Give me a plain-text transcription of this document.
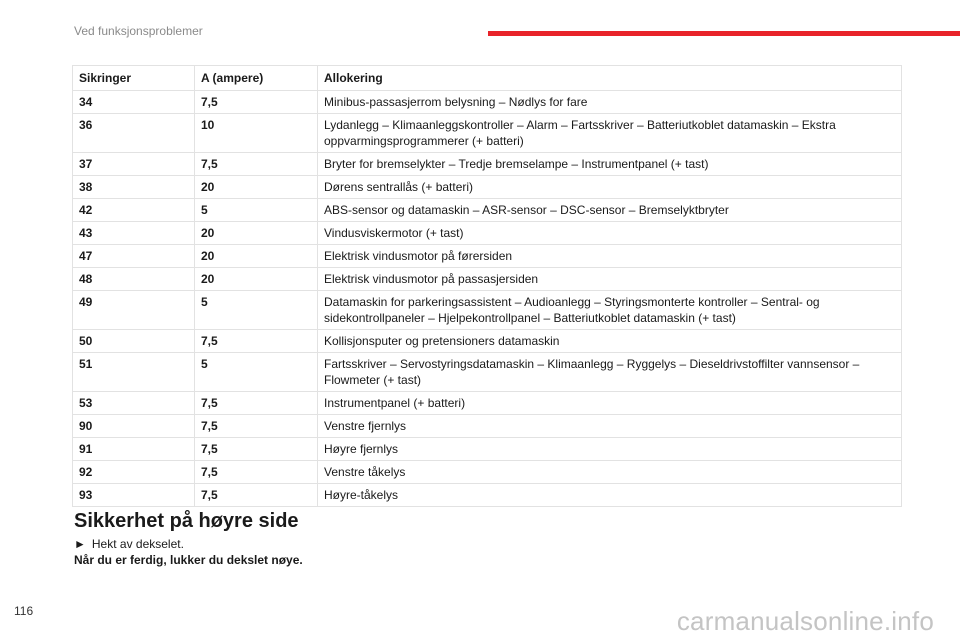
Ved funksjonsproblemer
Sikringer	A (ampere)	Allokering
34	7,5	Minibus-passasjerrom belysning – Nødlys for fare
36	10	Lydanlegg – Klimaanleggskontroller – Alarm – Fartsskriver – Batteriutkoblet datamaskin – Ekstra oppvarmingsprogrammerer (+ batteri)
37	7,5	Bryter for bremselykter – Tredje bremselampe – Instrumentpanel (+ tast)
38	20	Dørens sentrallås (+ batteri)
42	5	ABS-sensor og datamaskin – ASR-sensor – DSC-sensor – Bremselyktbryter
43	20	Vindusviskermotor (+ tast)
47	20	Elektrisk vindusmotor på førersiden
48	20	Elektrisk vindusmotor på passasjersiden
49	5	Datamaskin for parkeringsassistent – Audioanlegg – Styringsmonterte kontroller – Sentral- og sidekontrollpaneler – Hjelpekontrollpanel – Batteriutkoblet datamaskin (+ tast)
50	7,5	Kollisjonsputer og pretensioners datamaskin
51	5	Fartsskriver – Servostyringsdatamaskin – Klimaanlegg – Ryggelys – Dieseldrivstoffilter vannsensor – Flowmeter (+ tast)
53	7,5	Instrumentpanel (+ batteri)
90	7,5	Venstre fjernlys
91	7,5	Høyre fjernlys
92	7,5	Venstre tåkelys
93	7,5	Høyre-tåkelys
Sikkerhet på høyre side
► Hekt av dekselet.
Når du er ferdig, lukker du dekslet nøye.
116	carmanualsonline.info
